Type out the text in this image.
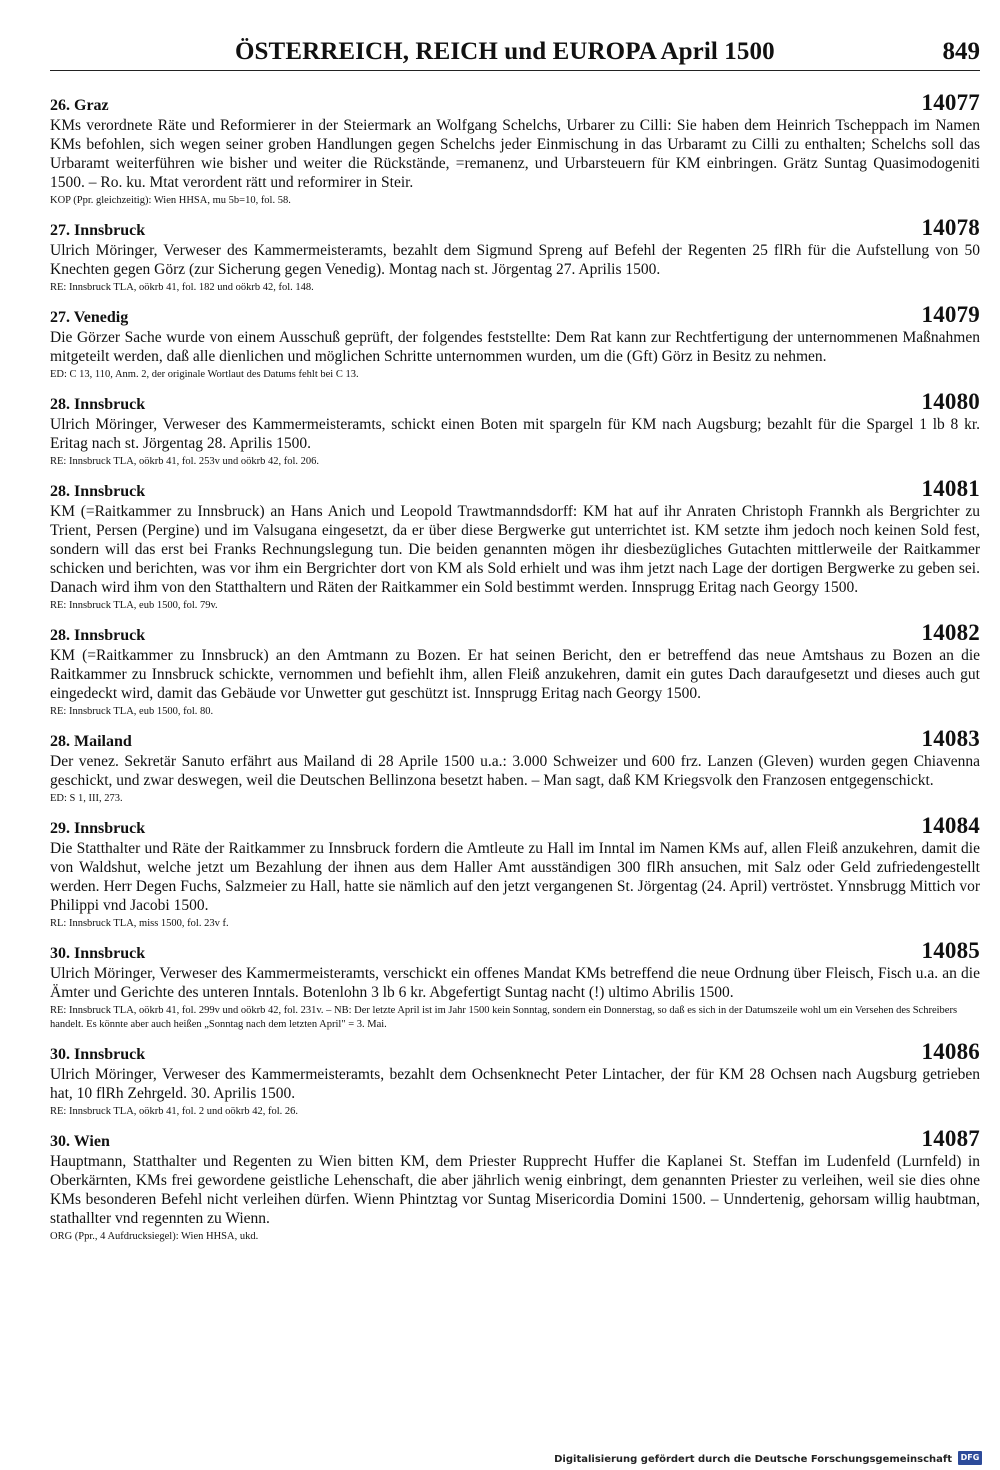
ÖSTERREICH, REICH und EUROPA April 1500	849
26. Graz	14077

KMs verordnete Räte und Reformierer in der Steiermark an Wolfgang Schelchs, Urbarer zu Cilli: Sie haben dem Heinrich Tscheppach im Namen KMs befohlen, sich wegen seiner groben Handlungen gegen Schelchs jeder Einmischung in das Urbaramt zu Cilli zu enthalten; Schelchs soll das Urbaramt weiterführen wie bisher und weiter die Rückstände, =remanenz, und Urbarsteuern für KM einbringen. Grätz Suntag Quasimodogeniti 1500. – Ro. ku. Mtat verordent rätt und reformirer in Steir.

KOP (Ppr. gleichzeitig): Wien HHSA, mu 5b=10, fol. 58.

27. Innsbruck	14078

Ulrich Möringer, Verweser des Kammermeisteramts, bezahlt dem Sigmund Spreng auf Befehl der Regenten 25 flRh für die Aufstellung von 50 Knechten gegen Görz (zur Sicherung gegen Venedig). Montag nach st. Jörgentag 27. Aprilis 1500.

RE: Innsbruck TLA, oökrb 41, fol. 182 und oökrb 42, fol. 148.

27. Venedig	14079

Die Görzer Sache wurde von einem Ausschuß geprüft, der folgendes feststellte: Dem Rat kann zur Rechtfertigung der unternommenen Maßnahmen mitgeteilt werden, daß alle dienlichen und möglichen Schritte unternommen wurden, um die (Gft) Görz in Besitz zu nehmen.

ED: C 13, 110, Anm. 2, der originale Wortlaut des Datums fehlt bei C 13.

28. Innsbruck	14080

Ulrich Möringer, Verweser des Kammermeisteramts, schickt einen Boten mit spargeln für KM nach Augsburg; bezahlt für die Spargel 1 lb 8 kr. Eritag nach st. Jörgentag 28. Aprilis 1500.

RE: Innsbruck TLA, oökrb 41, fol. 253v und oökrb 42, fol. 206.

28. Innsbruck	14081

KM (=Raitkammer zu Innsbruck) an Hans Anich und Leopold Trawtmanndsdorff: KM hat auf ihr Anraten Christoph Frannkh als Bergrichter zu Trient, Persen (Pergine) und im Valsugana eingesetzt, da er über diese Bergwerke gut unterrichtet ist. KM setzte ihm jedoch noch keinen Sold fest, sondern will das erst bei Franks Rechnungslegung tun. Die beiden genannten mögen ihr diesbezügliches Gutachten mittlerweile der Raitkammer schicken und berichten, was vor ihm ein Bergrichter dort von KM als Sold erhielt und was ihm jetzt nach Lage der dortigen Bergwerke zu geben sei. Danach wird ihm von den Statthaltern und Räten der Raitkammer ein Sold bestimmt werden. Innsprugg Eritag nach Georgy 1500.

RE: Innsbruck TLA, eub 1500, fol. 79v.

28. Innsbruck	14082

KM (=Raitkammer zu Innsbruck) an den Amtmann zu Bozen. Er hat seinen Bericht, den er betreffend das neue Amtshaus zu Bozen an die Raitkammer zu Innsbruck schickte, vernommen und befiehlt ihm, allen Fleiß anzukehren, damit ein gutes Dach daraufgesetzt und dieses auch gut eingedeckt wird, damit das Gebäude vor Unwetter gut geschützt ist. Innsprugg Eritag nach Georgy 1500.

RE: Innsbruck TLA, eub 1500, fol. 80.

28. Mailand	14083

Der venez. Sekretär Sanuto erfährt aus Mailand di 28 Aprile 1500 u.a.: 3.000 Schweizer und 600 frz. Lanzen (Gleven) wurden gegen Chiavenna geschickt, und zwar deswegen, weil die Deutschen Bellinzona besetzt haben. – Man sagt, daß KM Kriegsvolk den Franzosen entgegenschickt.

ED: S 1, III, 273.

29. Innsbruck	14084

Die Statthalter und Räte der Raitkammer zu Innsbruck fordern die Amtleute zu Hall im Inntal im Namen KMs auf, allen Fleiß anzukehren, damit die von Waldshut, welche jetzt um Bezahlung der ihnen aus dem Haller Amt ausständigen 300 flRh ansuchen, mit Salz oder Geld zufriedengestellt werden. Herr Degen Fuchs, Salzmeier zu Hall, hatte sie nämlich auf den jetzt vergangenen St. Jörgentag (24. April) vertröstet. Ynnsbrugg Mittich vor Philippi vnd Jacobi 1500.

RL: Innsbruck TLA, miss 1500, fol. 23v f.

30. Innsbruck	14085

Ulrich Möringer, Verweser des Kammermeisteramts, verschickt ein offenes Mandat KMs betreffend die neue Ordnung über Fleisch, Fisch u.a. an die Ämter und Gerichte des unteren Inntals. Botenlohn 3 lb 6 kr. Abgefertigt Suntag nacht (!) ultimo Abrilis 1500.

RE: Innsbruck TLA, oökrb 41, fol. 299v und oökrb 42, fol. 231v. – NB: Der letzte April ist im Jahr 1500 kein Sonntag, sondern ein Donnerstag, so daß es sich in der Datumszeile wohl um ein Versehen des Schreibers handelt. Es könnte aber auch heißen „Sonntag nach dem letzten April" = 3. Mai.

30. Innsbruck	14086

Ulrich Möringer, Verweser des Kammermeisteramts, bezahlt dem Ochsenknecht Peter Lintacher, der für KM 28 Ochsen nach Augsburg getrieben hat, 10 flRh Zehrgeld. 30. Aprilis 1500.

RE: Innsbruck TLA, oökrb 41, fol. 2 und oökrb 42, fol. 26.

30. Wien	14087

Hauptmann, Statthalter und Regenten zu Wien bitten KM, dem Priester Rupprecht Huffer die Kaplanei St. Steffan im Ludenfeld (Lurnfeld) in Oberkärnten, KMs frei gewordene geistliche Lehenschaft, die aber jährlich wenig einbringt, dem genannten Priester zu verleihen, weil sie dies ohne KMs besonderen Befehl nicht verleihen dürfen. Wienn Phintztag vor Suntag Misericordia Domini 1500. – Unndertenig, gehorsam willig haubtman, stathallter vnd regennten zu Wienn.

ORG (Ppr., 4 Aufdrucksiegel): Wien HHSA, ukd.

Digitalisierung gefördert durch die Deutsche Forschungsgemeinschaft	DFG
